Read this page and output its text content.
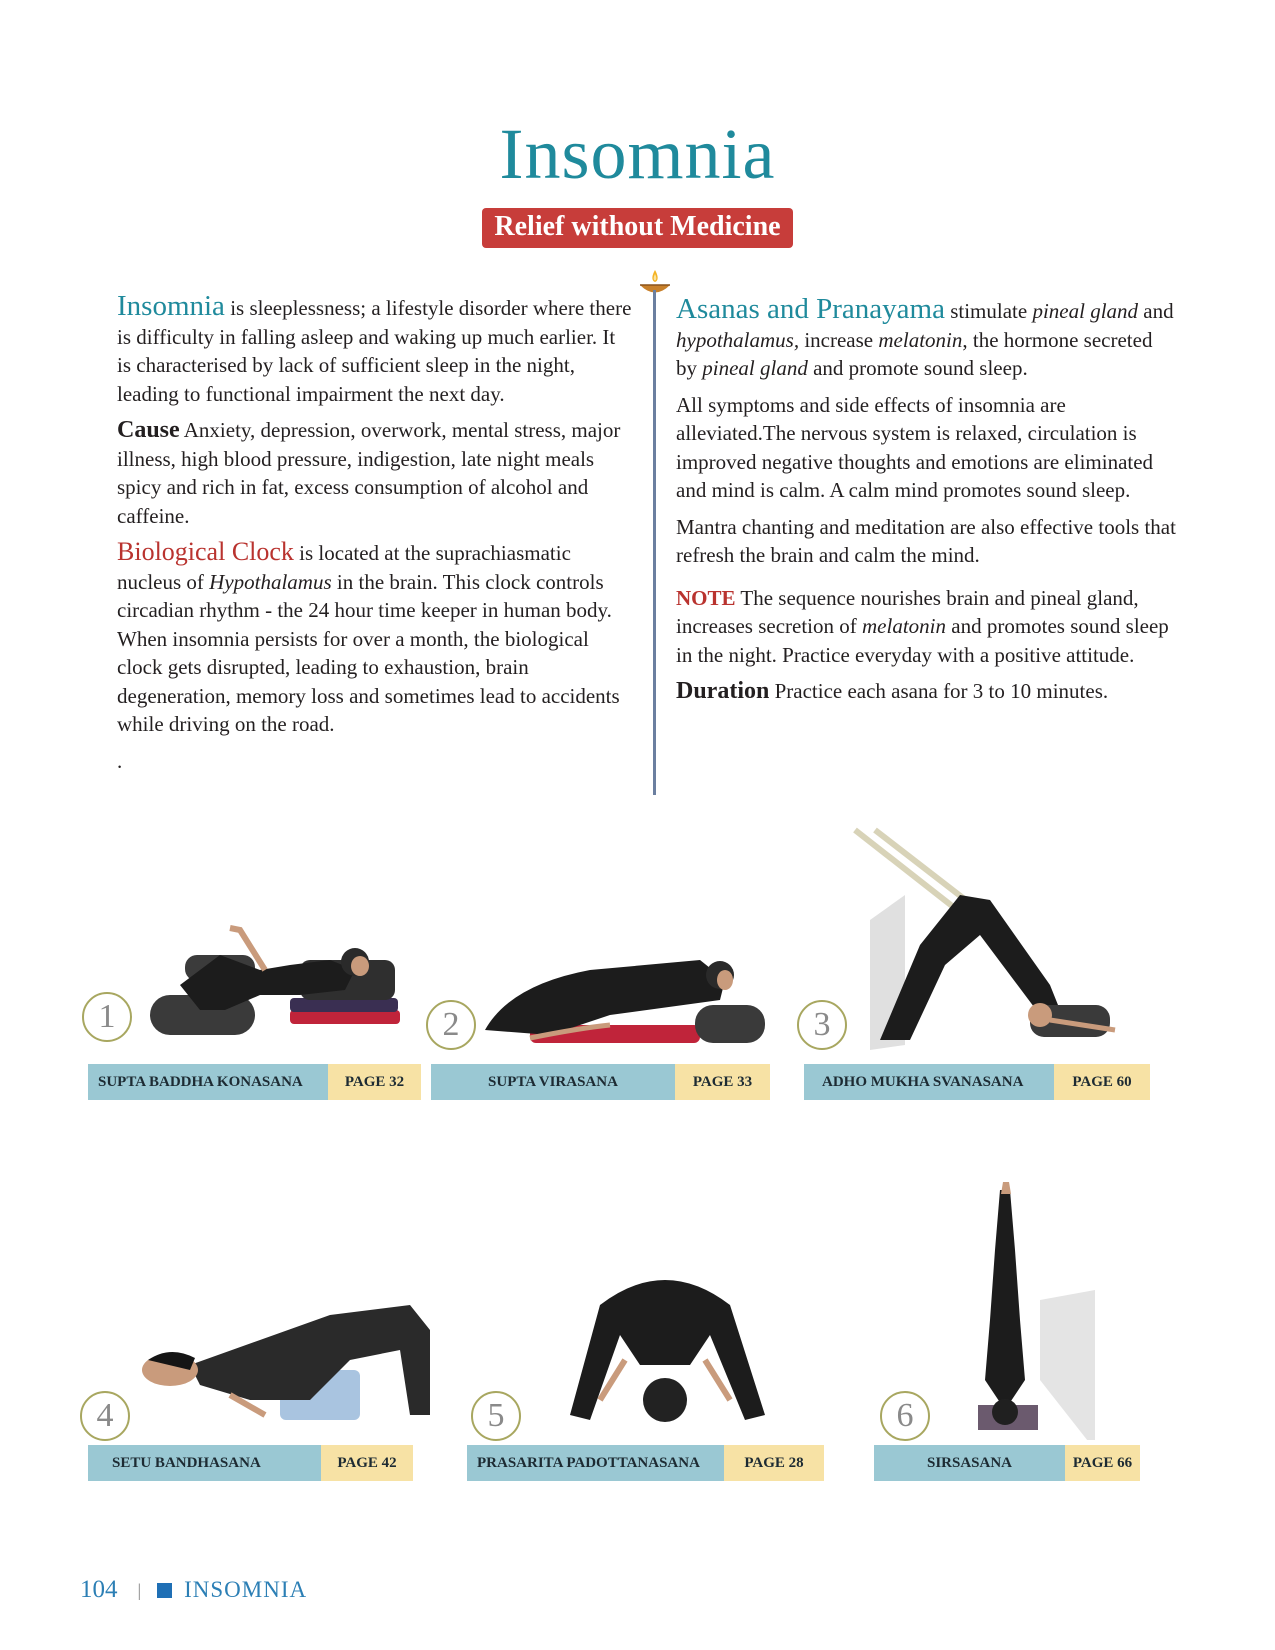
Insomnia
Relief without Medicine

Insomnia is sleeplessness; a lifestyle disorder where there is difficulty in falling asleep and waking up much earlier. It is characterised by lack of sufficient sleep in the night, leading to functional impairment the next day.

Cause Anxiety, depression, overwork, mental stress, major illness, high blood pressure, indigestion, late night meals spicy and rich in fat, excess consumption of alcohol and caffeine.

Biological Clock is located at the suprachiasmatic nucleus of Hypothalamus in the brain. This clock controls circadian rhythm - the 24 hour time keeper in human body. When insomnia persists for over a month, the biological clock gets disrupted, leading to exhaustion, brain degeneration, memory loss and sometimes lead to accidents while driving on the road.

.

Asanas and Pranayama stimulate pineal gland and hypothalamus, increase melatonin, the hormone secreted by pineal gland and promote sound sleep.

All symptoms and side effects of insomnia are alleviated.The nervous system is relaxed, circulation is improved negative thoughts and emotions are eliminated and mind is calm. A calm mind promotes sound sleep.

Mantra chanting and meditation are also effective tools that refresh the brain and calm the mind.

NOTE The sequence nourishes brain and pineal gland, increases secretion of melatonin and promotes sound sleep in the night. Practice everyday with a positive attitude.

Duration Practice each asana for 3 to 10 minutes.

1
SUPTA BADDHA KONASANA	PAGE 32
2
SUPTA VIRASANA	PAGE 33
3
ADHO MUKHA SVANASANA	PAGE 60
4
SETU BANDHASANA	PAGE 42
5
PRASARITA PADOTTANASANA	PAGE 28
6
SIRSASANA	PAGE 66
104 | INSOMNIA
